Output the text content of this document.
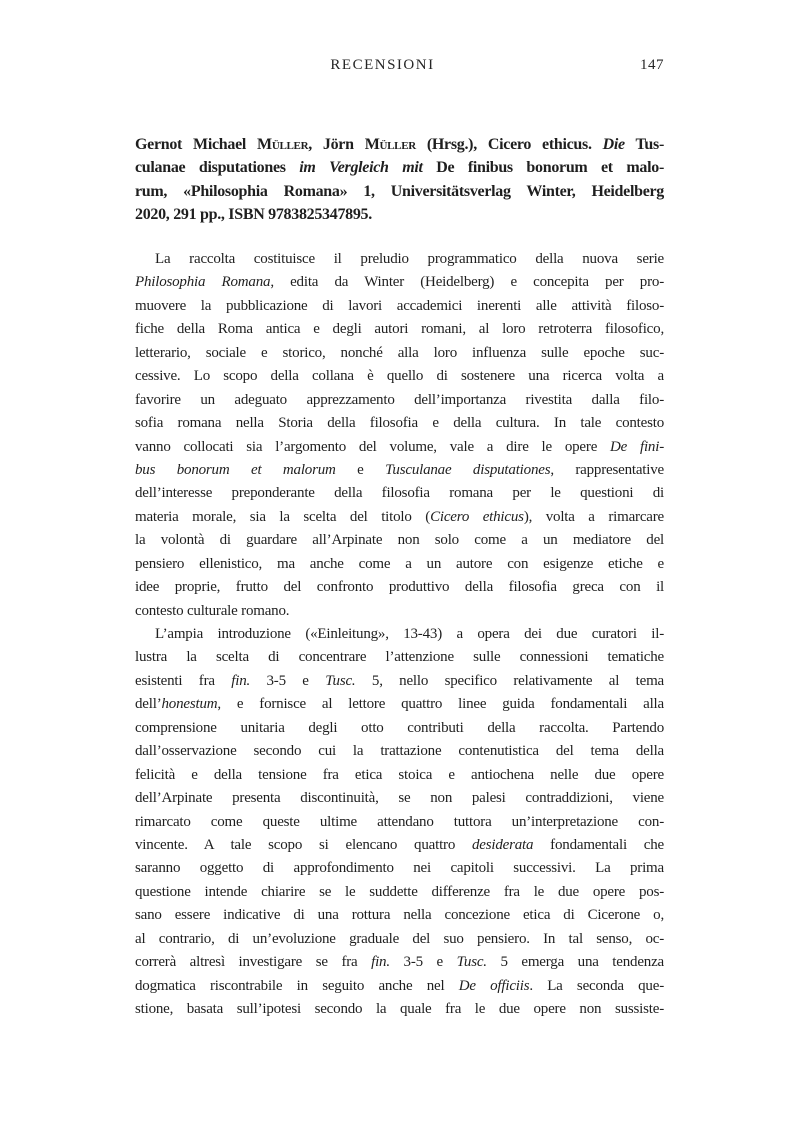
RECENSIONI	147
Gernot Michael Müller, Jörn Müller (Hrsg.), Cicero ethicus. Die Tus-
culanae disputationes im Vergleich mit De finibus bonorum et malo-
rum, «Philosophia Romana» 1, Universitätsverlag Winter, Heidelberg
2020, 291 pp., ISBN 9783825347895.
La raccolta costituisce il preludio programmatico della nuova serie
Philosophia Romana, edita da Winter (Heidelberg) e concepita per pro-
muovere la pubblicazione di lavori accademici inerenti alle attività filoso-
fiche della Roma antica e degli autori romani, al loro retroterra filosofico,
letterario, sociale e storico, nonché alla loro influenza sulle epoche suc-
cessive. Lo scopo della collana è quello di sostenere una ricerca volta a
favorire un adeguato apprezzamento dell’importanza rivestita dalla filo-
sofia romana nella Storia della filosofia e della cultura. In tale contesto
vanno collocati sia l’argomento del volume, vale a dire le opere De fini-
bus bonorum et malorum e Tusculanae disputationes, rappresentative
dell’interesse preponderante della filosofia romana per le questioni di
materia morale, sia la scelta del titolo (Cicero ethicus), volta a rimarcare
la volontà di guardare all’Arpinate non solo come a un mediatore del
pensiero ellenistico, ma anche come a un autore con esigenze etiche e
idee proprie, frutto del confronto produttivo della filosofia greca con il
contesto culturale romano.
L’ampia introduzione («Einleitung», 13-43) a opera dei due curatori il-
lustra la scelta di concentrare l’attenzione sulle connessioni tematiche
esistenti fra fin. 3-5 e Tusc. 5, nello specifico relativamente al tema
dell’honestum, e fornisce al lettore quattro linee guida fondamentali alla
comprensione unitaria degli otto contributi della raccolta. Partendo
dall’osservazione secondo cui la trattazione contenutistica del tema della
felicità e della tensione fra etica stoica e antiochena nelle due opere
dell’Arpinate presenta discontinuità, se non palesi contraddizioni, viene
rimarcato come queste ultime attendano tuttora un’interpretazione con-
vincente. A tale scopo si elencano quattro desiderata fondamentali che
saranno oggetto di approfondimento nei capitoli successivi. La prima
questione intende chiarire se le suddette differenze fra le due opere pos-
sano essere indicative di una rottura nella concezione etica di Cicerone o,
al contrario, di un’evoluzione graduale del suo pensiero. In tal senso, oc-
correrà altresì investigare se fra fin. 3-5 e Tusc. 5 emerga una tendenza
dogmatica riscontrabile in seguito anche nel De officiis. La seconda que-
stione, basata sull’ipotesi secondo la quale fra le due opere non sussiste-
